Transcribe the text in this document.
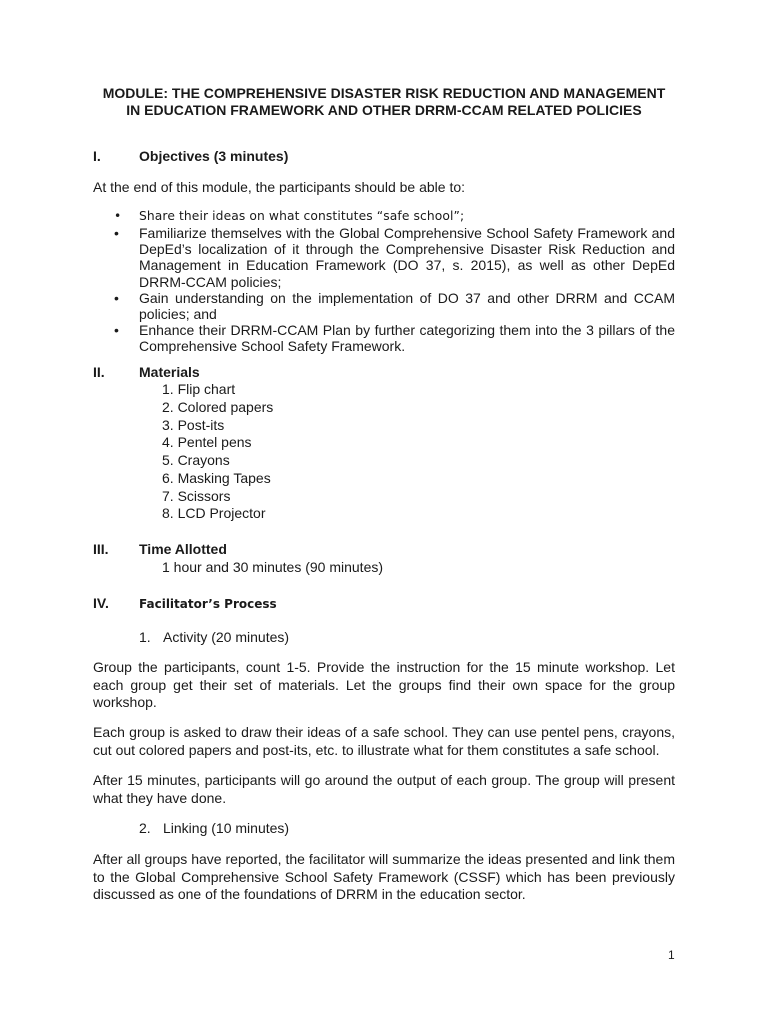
MODULE: THE COMPREHENSIVE DISASTER RISK REDUCTION AND MANAGEMENT
IN EDUCATION FRAMEWORK AND OTHER DRRM-CCAM RELATED POLICIES
I.	Objectives (3 minutes)
At the end of this module, the participants should be able to:
• Share their ideas on what constitutes “safe school”;
• Familiarize themselves with the Global Comprehensive School Safety Framework and DepEd’s localization of it through the Comprehensive Disaster Risk Reduction and Management in Education Framework (DO 37, s. 2015), as well as other DepEd DRRM-CCAM policies;
• Gain understanding on the implementation of DO 37 and other DRRM and CCAM policies; and
• Enhance their DRRM-CCAM Plan by further categorizing them into the 3 pillars of the Comprehensive School Safety Framework.
II. Materials
1. Flip chart
2. Colored papers
3. Post-its
4. Pentel pens
5. Crayons
6. Masking Tapes
7. Scissors
8. LCD Projector
III. Time Allotted
1 hour and 30 minutes (90 minutes)
IV.	Facilitator’s Process
1. Activity (20 minutes)
Group the participants, count 1-5. Provide the instruction for the 15 minute workshop. Let each group get their set of materials. Let the groups find their own space for the group workshop.
Each group is asked to draw their ideas of a safe school. They can use pentel pens, crayons, cut out colored papers and post-its, etc. to illustrate what for them constitutes a safe school.
After 15 minutes, participants will go around the output of each group. The group will present what they have done.
2. Linking (10 minutes)
After all groups have reported, the facilitator will summarize the ideas presented and link them to the Global Comprehensive School Safety Framework (CSSF) which has been previously discussed as one of the foundations of DRRM in the education sector.
1
